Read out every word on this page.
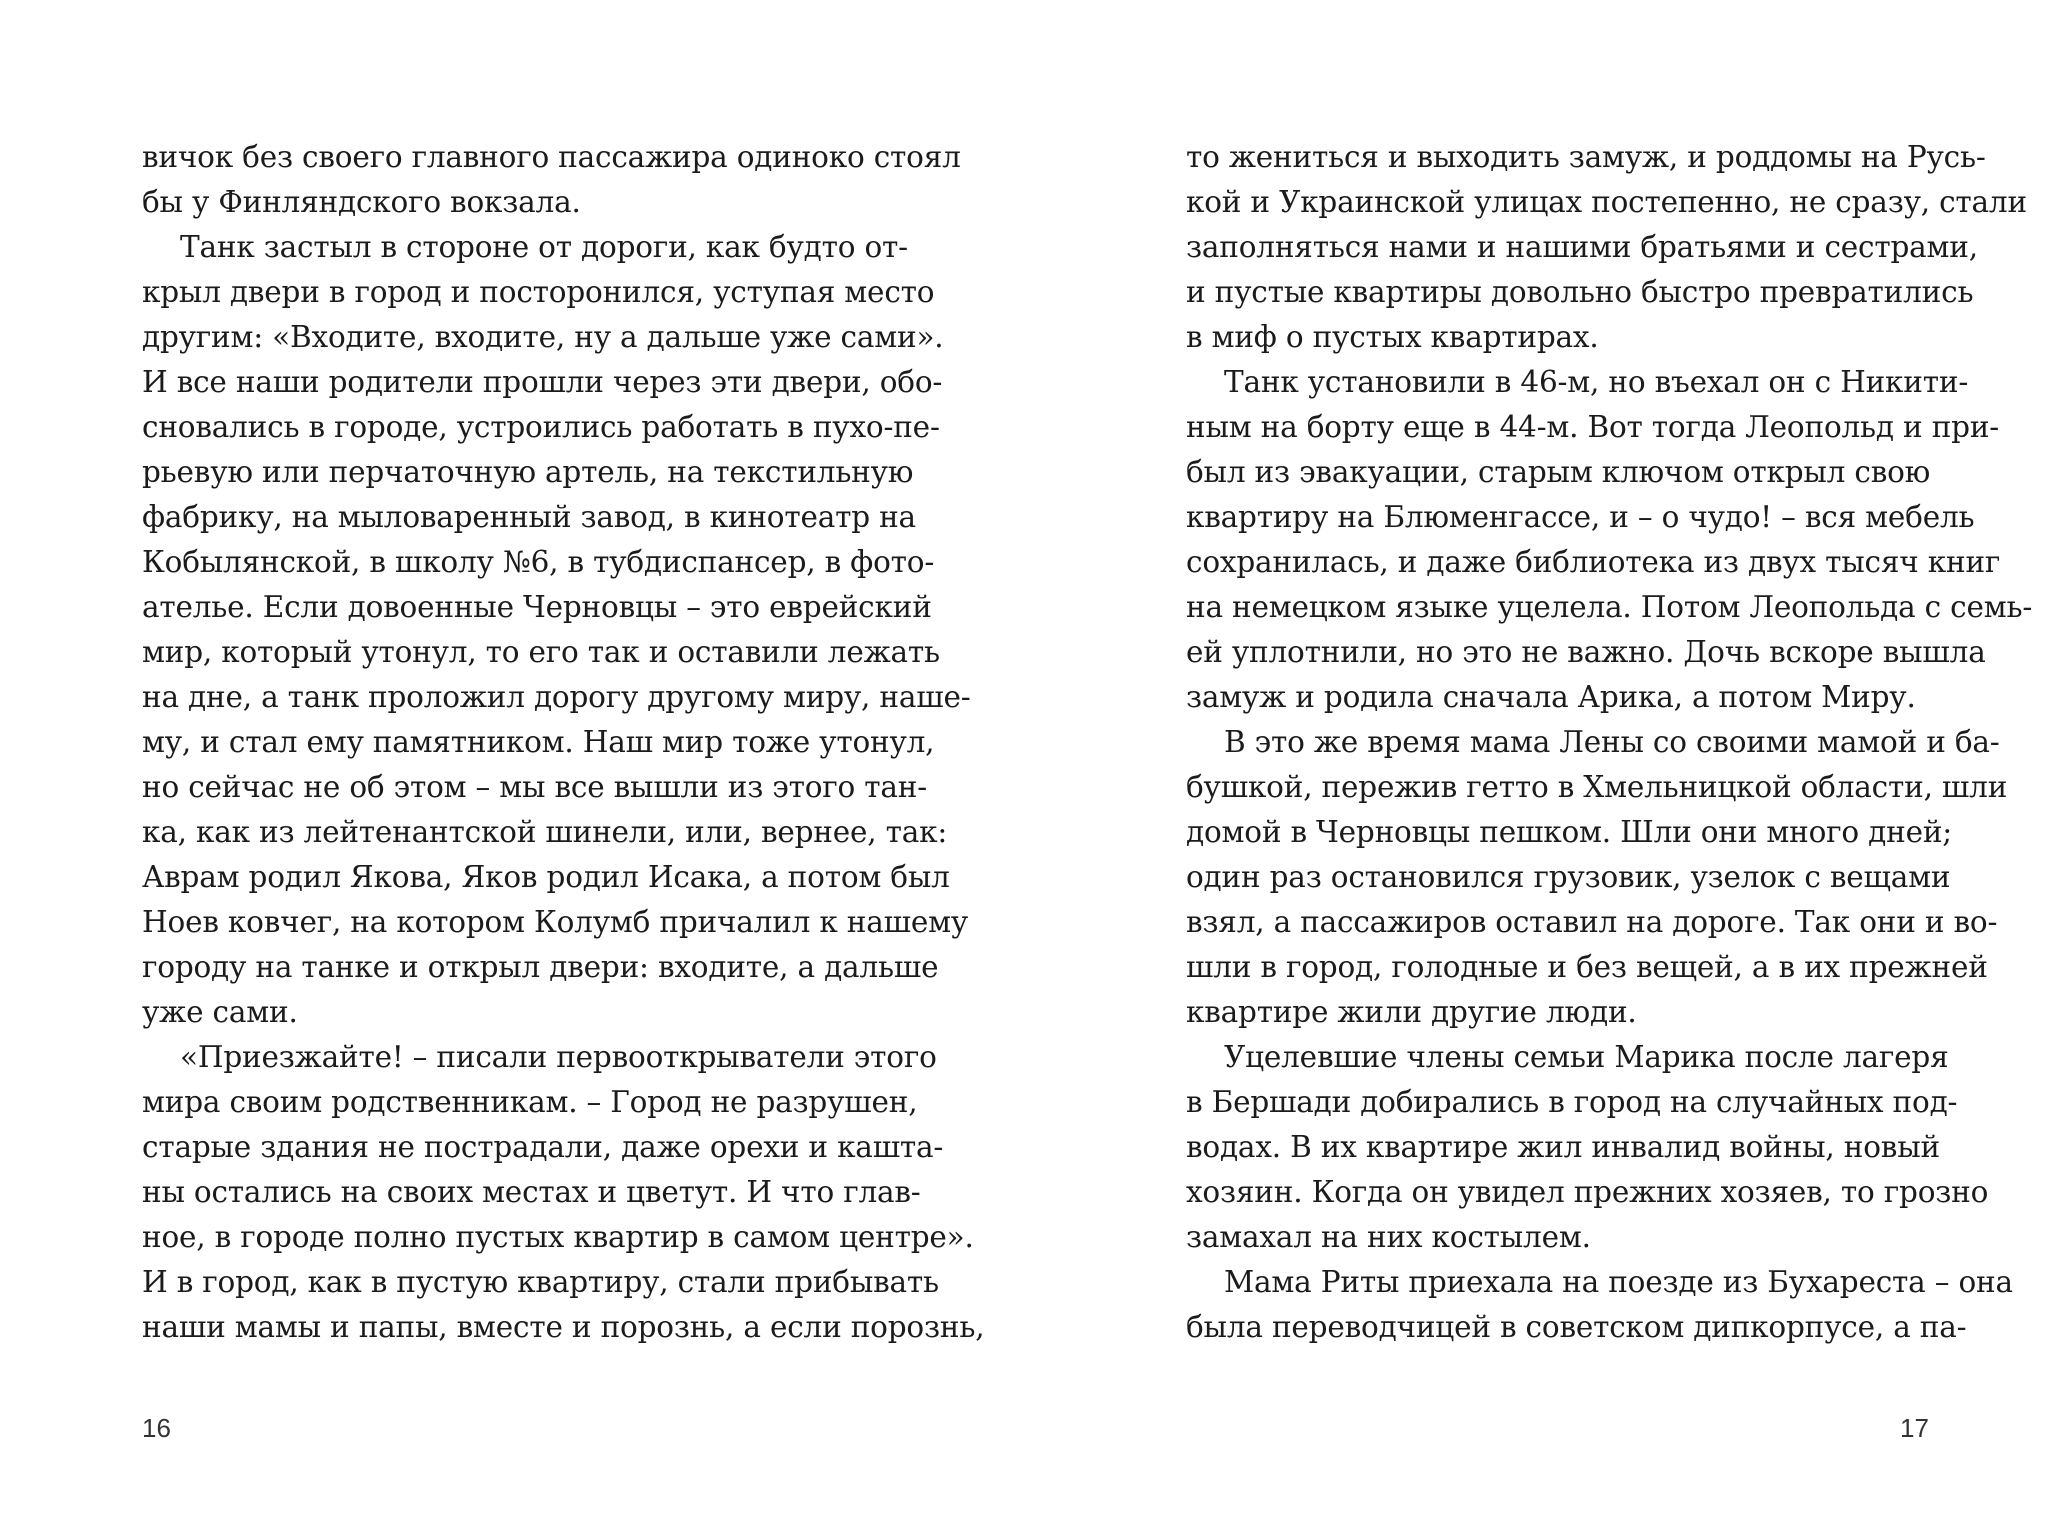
вичок без своего главного пассажира одиноко стоял
бы у Финляндского вокзала.
Танк застыл в стороне от дороги, как будто от-
крыл двери в город и посторонился, уступая место
другим: «Входите, входите, ну а дальше уже сами».
И все наши родители прошли через эти двери, обо-
сновались в городе, устроились работать в пухо-пе-
рьевую или перчаточную артель, на текстильную
фабрику, на мыловаренный завод, в кинотеатр на
Кобылянской, в школу №6, в тубдиспансер, в фото-
ателье. Если довоенные Черновцы – это еврейский
мир, который утонул, то его так и оставили лежать
на дне, а танк проложил дорогу другому миру, наше-
му, и стал ему памятником. Наш мир тоже утонул,
но сейчас не об этом – мы все вышли из этого тан-
ка, как из лейтенантской шинели, или, вернее, так:
Аврам родил Якова, Яков родил Исака, а потом был
Ноев ковчег, на котором Колумб причалил к нашему
городу на танке и открыл двери: входите, а дальше
уже сами.
«Приезжайте! – писали первооткрыватели этого
мира своим родственникам. – Город не разрушен,
старые здания не пострадали, даже орехи и кашта-
ны остались на своих местах и цветут. И что глав-
ное, в городе полно пустых квартир в самом центре».
И в город, как в пустую квартиру, стали прибывать
наши мамы и папы, вместе и порознь, а если порознь,
16
то жениться и выходить замуж, и роддомы на Русь-
кой и Украинской улицах постепенно, не сразу, стали
заполняться нами и нашими братьями и сестрами,
и пустые квартиры довольно быстро превратились
в миф о пустых квартирах.
Танк установили в 46-м, но въехал он с Никити-
ным на борту еще в 44-м. Вот тогда Леопольд и при-
был из эвакуации, старым ключом открыл свою
квартиру на Блюменгассе, и – о чудо! – вся мебель
сохранилась, и даже библиотека из двух тысяч книг
на немецком языке уцелела. Потом Леопольда с семь-
ей уплотнили, но это не важно. Дочь вскоре вышла
замуж и родила сначала Арика, а потом Миру.
В это же время мама Лены со своими мамой и ба-
бушкой, пережив гетто в Хмельницкой области, шли
домой в Черновцы пешком. Шли они много дней;
один раз остановился грузовик, узелок с вещами
взял, а пассажиров оставил на дороге. Так они и во-
шли в город, голодные и без вещей, а в их прежней
квартире жили другие люди.
Уцелевшие члены семьи Марика после лагеря
в Бершади добирались в город на случайных под-
водах. В их квартире жил инвалид войны, новый
хозяин. Когда он увидел прежних хозяев, то грозно
замахал на них костылем.
Мама Риты приехала на поезде из Бухареста – она
была переводчицей в советском дипкорпусе, а па-
17
